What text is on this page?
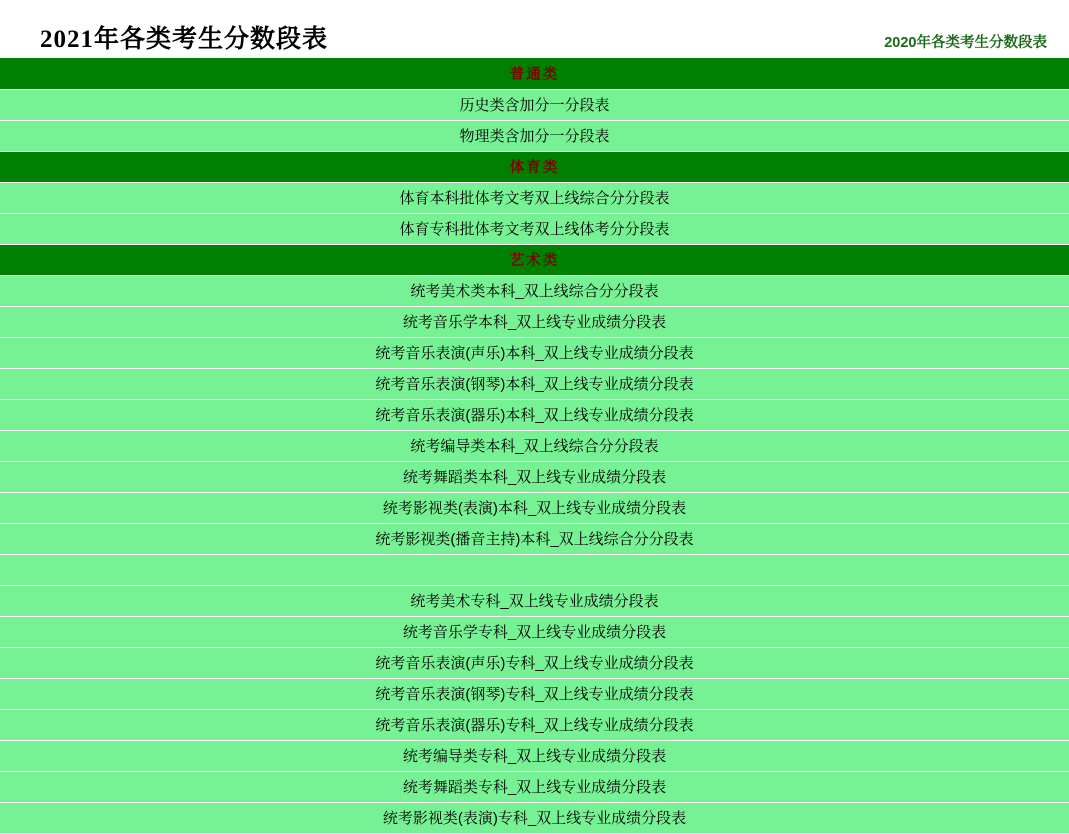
2021年各类考生分数段表	2020年各类考生分数段表
普通类
历史类含加分一分段表
物理类含加分一分段表
体育类
体育本科批体考文考双上线综合分分段表
体育专科批体考文考双上线体考分分段表
艺术类
统考美术类本科_双上线综合分分段表
统考音乐学本科_双上线专业成绩分段表
统考音乐表演(声乐)本科_双上线专业成绩分段表
统考音乐表演(钢琴)本科_双上线专业成绩分段表
统考音乐表演(器乐)本科_双上线专业成绩分段表
统考编导类本科_双上线综合分分段表
统考舞蹈类本科_双上线专业成绩分段表
统考影视类(表演)本科_双上线专业成绩分段表
统考影视类(播音主持)本科_双上线综合分分段表

统考美术专科_双上线专业成绩分段表
统考音乐学专科_双上线专业成绩分段表
统考音乐表演(声乐)专科_双上线专业成绩分段表
统考音乐表演(钢琴)专科_双上线专业成绩分段表
统考音乐表演(器乐)专科_双上线专业成绩分段表
统考编导类专科_双上线专业成绩分段表
统考舞蹈类专科_双上线专业成绩分段表
统考影视类(表演)专科_双上线专业成绩分段表
